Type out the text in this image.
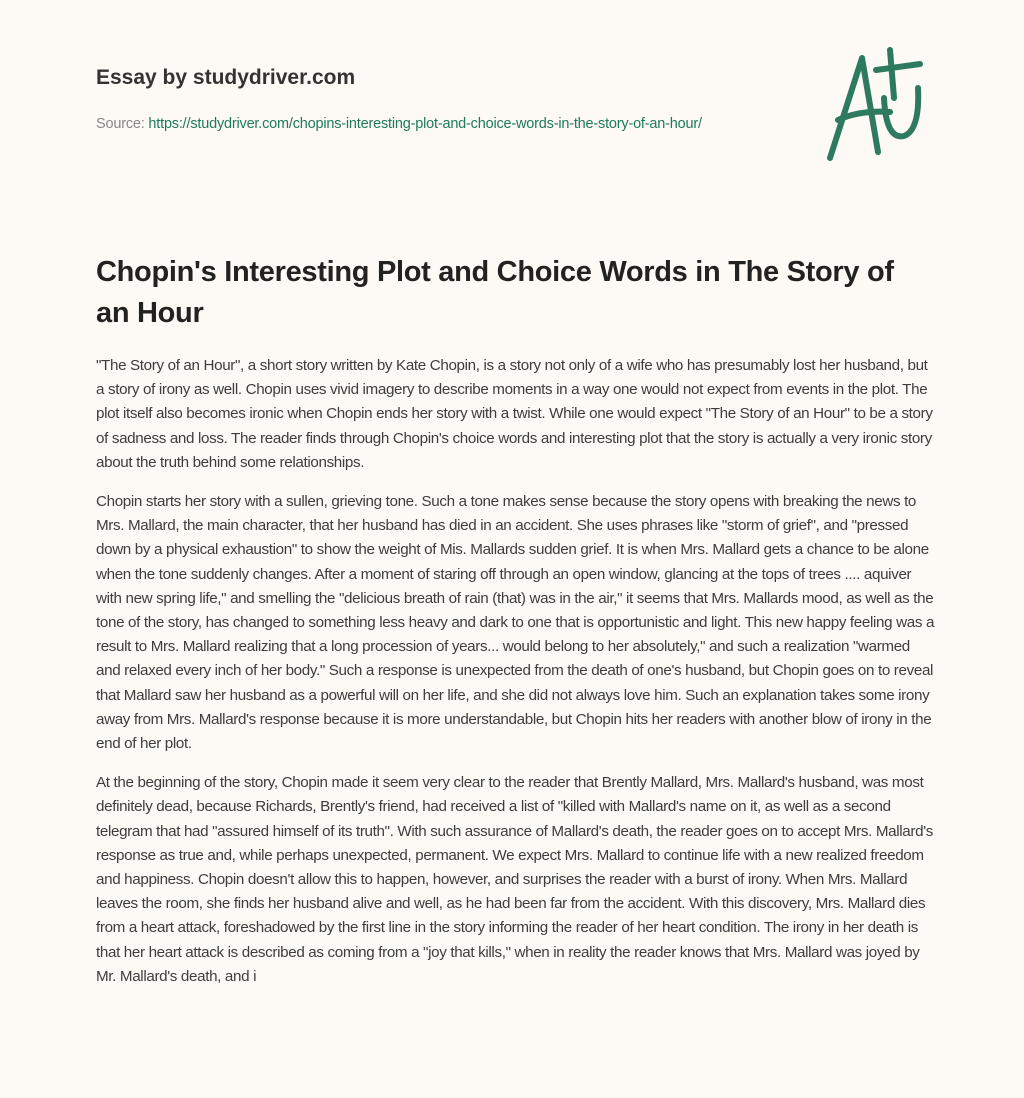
Essay by studydriver.com
Source: https://studydriver.com/chopins-interesting-plot-and-choice-words-in-the-story-of-an-hour/
Chopin's Interesting Plot and Choice Words in The Story of an Hour

"The Story of an Hour", a short story written by Kate Chopin, is a story not only of a wife who has presumably lost her husband, but a story of irony as well. Chopin uses vivid imagery to describe moments in a way one would not expect from events in the plot. The plot itself also becomes ironic when Chopin ends her story with a twist. While one would expect "The Story of an Hour" to be a story of sadness and loss. The reader finds through Chopin's choice words and interesting plot that the story is actually a very ironic story about the truth behind some relationships.

Chopin starts her story with a sullen, grieving tone. Such a tone makes sense because the story opens with breaking the news to Mrs. Mallard, the main character, that her husband has died in an accident. She uses phrases like "storm of grief", and "pressed down by a physical exhaustion" to show the weight of Mis. Mallards sudden grief. It is when Mrs. Mallard gets a chance to be alone when the tone suddenly changes. After a moment of staring off through an open window, glancing at the tops of trees .... aquiver with new spring life," and smelling the "delicious breath of rain (that) was in the air," it seems that Mrs. Mallards mood, as well as the tone of the story, has changed to something less heavy and dark to one that is opportunistic and light. This new happy feeling was a result to Mrs. Mallard realizing that a long procession of years... would belong to her absolutely," and such a realization "warmed and relaxed every inch of her body." Such a response is unexpected from the death of one's husband, but Chopin goes on to reveal that Mallard saw her husband as a powerful will on her life, and she did not always love him. Such an explanation takes some irony away from Mrs. Mallard's response because it is more understandable, but Chopin hits her readers with another blow of irony in the end of her plot.

At the beginning of the story, Chopin made it seem very clear to the reader that Brently Mallard, Mrs. Mallard's husband, was most definitely dead, because Richards, Brently's friend, had received a list of "killed with Mallard's name on it, as well as a second telegram that had "assured himself of its truth". With such assurance of Mallard's death, the reader goes on to accept Mrs. Mallard's response as true and, while perhaps unexpected, permanent. We expect Mrs. Mallard to continue life with a new realized freedom and happiness. Chopin doesn't allow this to happen, however, and surprises the reader with a burst of irony. When Mrs. Mallard leaves the room, she finds her husband alive and well, as he had been far from the accident. With this discovery, Mrs. Mallard dies from a heart attack, foreshadowed by the first line in the story informing the reader of her heart condition. The irony in her death is that her heart attack is described as coming from a "joy that kills," when in reality the reader knows that Mrs. Mallard was joyed by Mr. Mallard's death, and i
